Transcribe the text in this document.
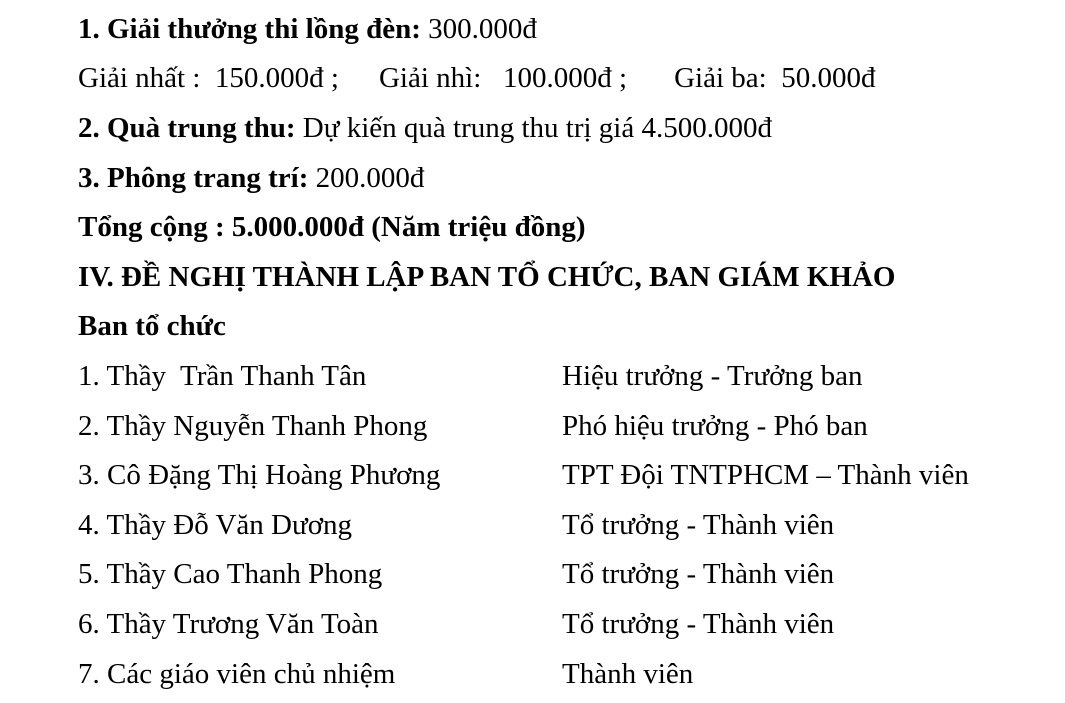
1. Giải thưởng thi lồng đèn: 300.000đ
Giải nhất :  150.000đ ; Giải nhì:   100.000đ ; Giải ba:  50.000đ
2. Quà trung thu: Dự kiến quà trung thu trị giá 4.500.000đ
3. Phông trang trí: 200.000đ
Tổng cộng : 5.000.000đ (Năm triệu đồng)
IV. ĐỀ NGHỊ THÀNH LẬP BAN TỔ CHỨC, BAN GIÁM KHẢO
Ban tổ chức
1. Thầy  Trần Thanh Tân	Hiệu trưởng - Trưởng ban
2. Thầy Nguyễn Thanh Phong	Phó hiệu trưởng - Phó ban
3. Cô Đặng Thị Hoàng Phương	TPT Đội TNTPHCM – Thành viên
4. Thầy Đỗ Văn Dương	Tổ trưởng - Thành viên
5. Thầy Cao Thanh Phong	Tổ trưởng - Thành viên
6. Thầy Trương Văn Toàn	Tổ trưởng - Thành viên
7. Các giáo viên chủ nhiệm	Thành viên
